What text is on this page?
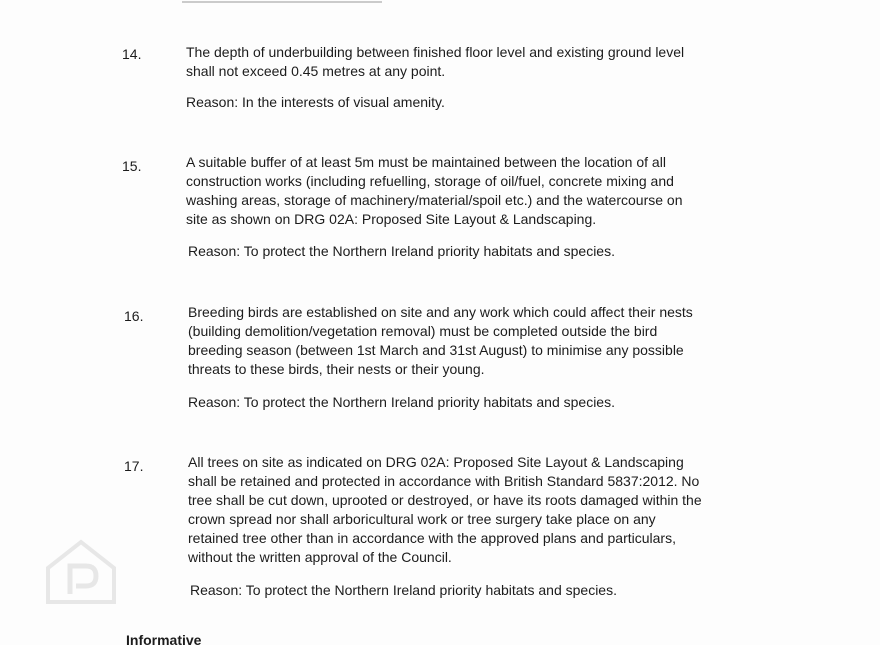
14.	The depth of underbuilding between finished floor level and existing ground level
shall not exceed 0.45 metres at any point.
Reason: In the interests of visual amenity.
15.	A suitable buffer of at least 5m must be maintained between the location of all
construction works (including refuelling, storage of oil/fuel, concrete mixing and
washing areas, storage of machinery/material/spoil etc.) and the watercourse on
site as shown on DRG 02A: Proposed Site Layout & Landscaping.
Reason: To protect the Northern Ireland priority habitats and species.
16.	Breeding birds are established on site and any work which could affect their nests
(building demolition/vegetation removal) must be completed outside the bird
breeding season (between 1st March and 31st August) to minimise any possible
threats to these birds, their nests or their young.
Reason: To protect the Northern Ireland priority habitats and species.
17.	All trees on site as indicated on DRG 02A: Proposed Site Layout & Landscaping
shall be retained and protected in accordance with British Standard 5837:2012. No
tree shall be cut down, uprooted or destroyed, or have its roots damaged within the
crown spread nor shall arboricultural work or tree surgery take place on any
retained tree other than in accordance with the approved plans and particulars,
without the written approval of the Council.
Reason: To protect the Northern Ireland priority habitats and species.
Informative
